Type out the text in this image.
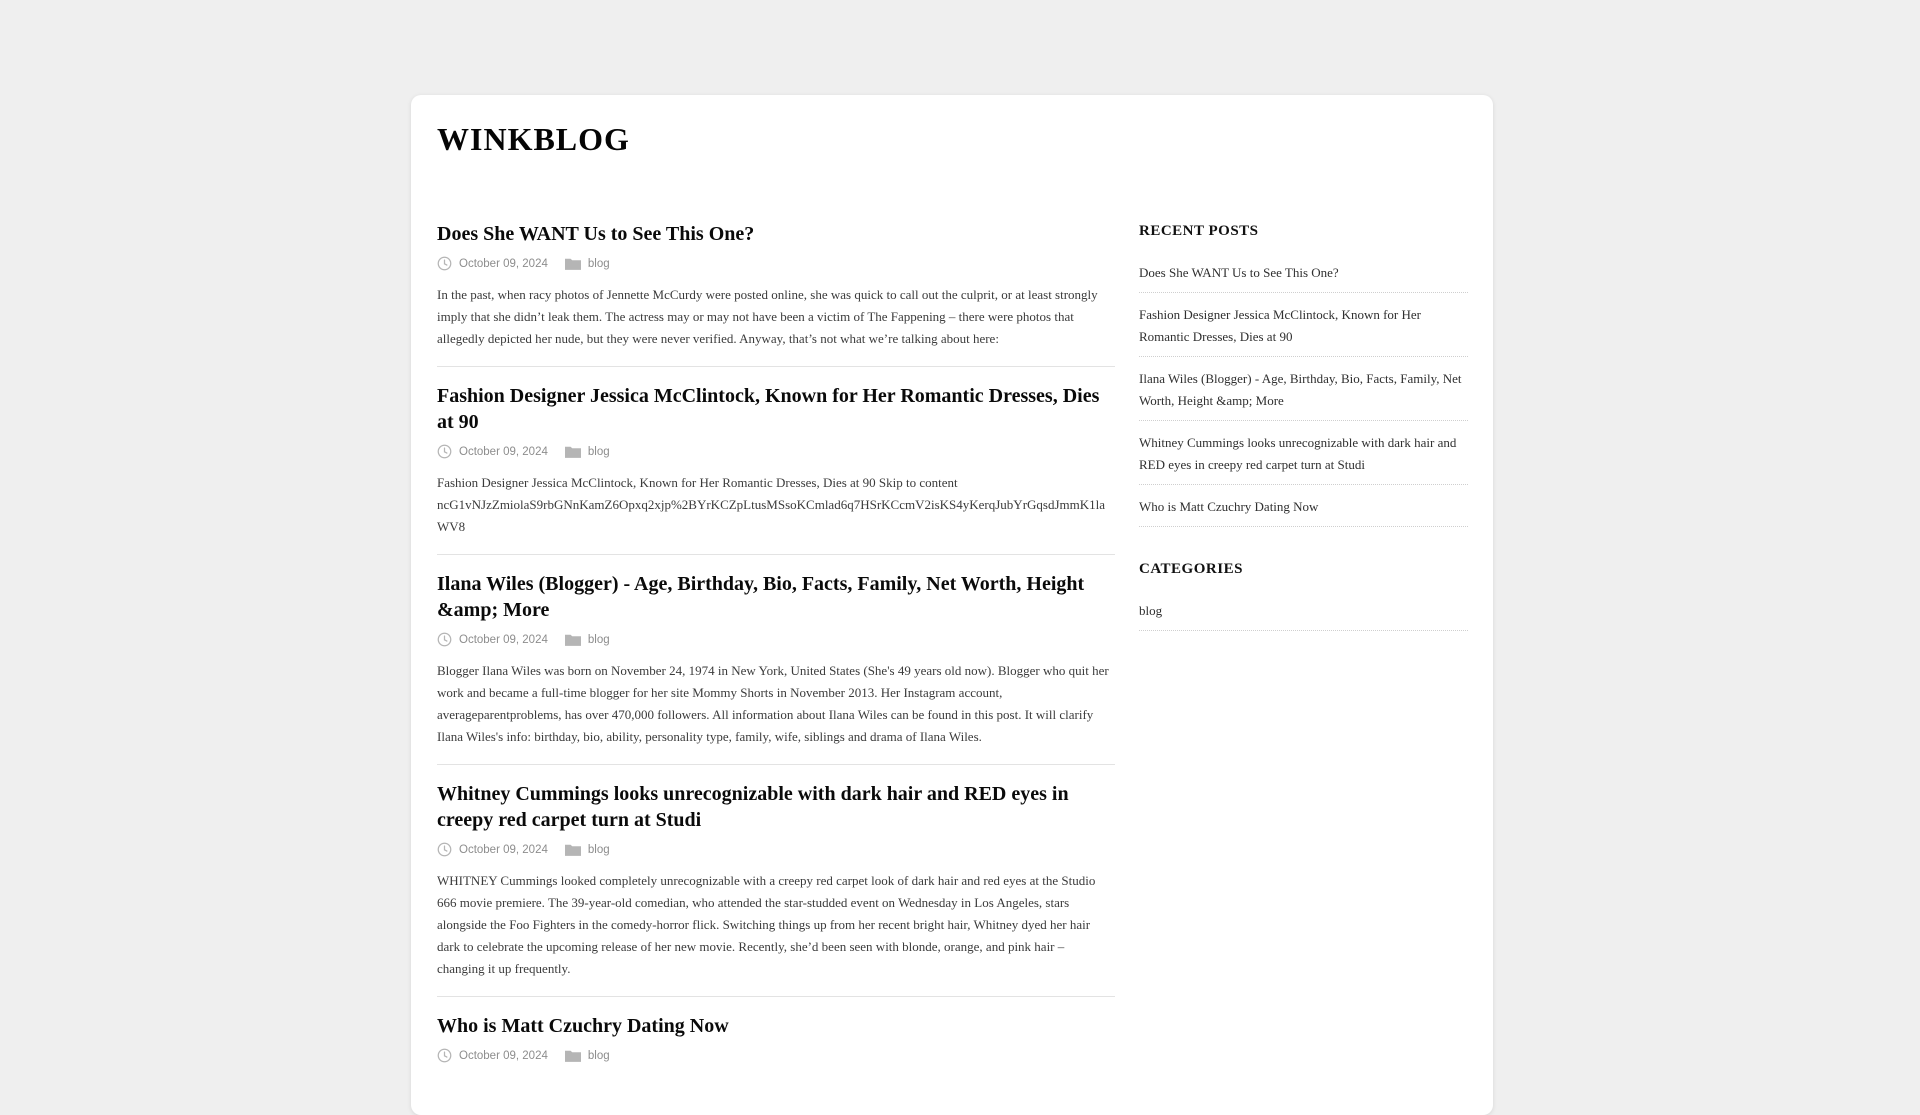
WINKBLOG
Does She WANT Us to See This One?
October 09, 2024	blog

In the past, when racy photos of Jennette McCurdy were posted online, she was quick to call out the culprit, or at least strongly imply that she didn’t leak them. The actress may or may not have been a victim of The Fappening – there were photos that allegedly depicted her nude, but they were never verified. Anyway, that’s not what we’re talking about here:

Fashion Designer Jessica McClintock, Known for Her Romantic Dresses, Dies at 90
October 09, 2024	blog

Fashion Designer Jessica McClintock, Known for Her Romantic Dresses, Dies at 90 Skip to content ncG1vNJzZmiolaS9rbGNnKamZ6Opxq2xjp%2BYrKCZpLtusMSsoKCmlad6q7HSrKCcmV2isKS4yKerqJubYrGqsdJmmK1laWV8

Ilana Wiles (Blogger) - Age, Birthday, Bio, Facts, Family, Net Worth, Height &amp; More
October 09, 2024	blog

Blogger Ilana Wiles was born on November 24, 1974 in New York, United States (She's 49 years old now). Blogger who quit her work and became a full-time blogger for her site Mommy Shorts in November 2013. Her Instagram account, averageparentproblems, has over 470,000 followers. All information about Ilana Wiles can be found in this post. It will clarify Ilana Wiles's info: birthday, bio, ability, personality type, family, wife, siblings and drama of Ilana Wiles.

Whitney Cummings looks unrecognizable with dark hair and RED eyes in creepy red carpet turn at Studi
October 09, 2024	blog

WHITNEY Cummings looked completely unrecognizable with a creepy red carpet look of dark hair and red eyes at the Studio 666 movie premiere. The 39-year-old comedian, who attended the star-studded event on Wednesday in Los Angeles, stars alongside the Foo Fighters in the comedy-horror flick. Switching things up from her recent bright hair, Whitney dyed her hair dark to celebrate the upcoming release of her new movie. Recently, she’d been seen with blonde, orange, and pink hair – changing it up frequently.

Who is Matt Czuchry Dating Now
October 09, 2024	blog
RECENT POSTS
Does She WANT Us to See This One?
Fashion Designer Jessica McClintock, Known for Her Romantic Dresses, Dies at 90
Ilana Wiles (Blogger) - Age, Birthday, Bio, Facts, Family, Net Worth, Height &amp; More
Whitney Cummings looks unrecognizable with dark hair and RED eyes in creepy red carpet turn at Studi
Who is Matt Czuchry Dating Now
CATEGORIES
blog
